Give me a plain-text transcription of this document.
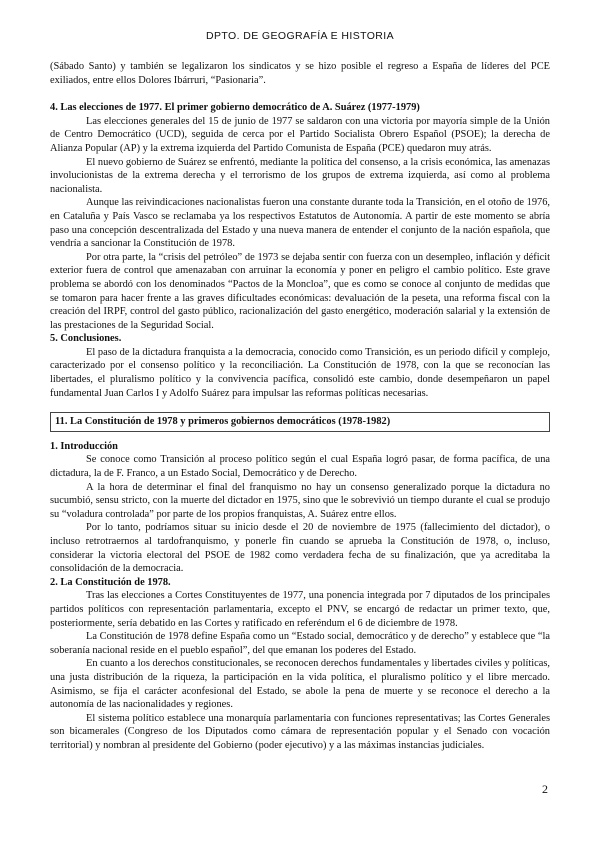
DPTO. DE GEOGRAFÍA E HISTORIA

(Sábado Santo) y también se legalizaron los sindicatos y se hizo posible el regreso a España de líderes del PCE exiliados, entre ellos Dolores Ibárruri, “Pasionaria”.

4. Las elecciones de 1977. El primer gobierno democrático de A. Suárez (1977-1979)

Las elecciones generales del 15 de junio de 1977 se saldaron con una victoria por mayoría simple de la Unión de Centro Democrático (UCD), seguida de cerca por el Partido Socialista Obrero Español (PSOE); la derecha de Alianza Popular (AP) y la extrema izquierda del Partido Comunista de España (PCE) quedaron muy atrás.

El nuevo gobierno de Suárez se enfrentó, mediante la política del consenso, a la crisis económica, las amenazas involucionistas de la extrema derecha y el terrorismo de los grupos de extrema izquierda, así como al problema nacionalista.

Aunque las reivindicaciones nacionalistas fueron una constante durante toda la Transición, en el otoño de 1976, en Cataluña y País Vasco se reclamaba ya los respectivos Estatutos de Autonomía. A partir de este momento se abría paso una concepción descentralizada del Estado y una nueva manera de entender el conjunto de la nación española, que vendría a sancionar la Constitución de 1978.

Por otra parte, la “crisis del petróleo” de 1973 se dejaba sentir con fuerza con un desempleo, inflación y déficit exterior fuera de control que amenazaban con arruinar la economía y poner en peligro el cambio político. Este grave problema se abordó con los denominados “Pactos de la Moncloa”, que es como se conoce al conjunto de medidas que se tomaron para hacer frente a las graves dificultades económicas: devaluación de la peseta, una reforma fiscal con la creación del IRPF, control del gasto público, racionalización del gasto energético, moderación salarial y la extensión de las prestaciones de la Seguridad Social.

5. Conclusiones.

El paso de la dictadura franquista a la democracia, conocido como Transición, es un periodo difícil y complejo, caracterizado por el consenso político y la reconciliación. La Constitución de 1978, con la que se reconocían las libertades, el pluralismo político y la convivencia pacífica, consolidó este cambio, donde desempeñaron un papel fundamental Juan Carlos I y Adolfo Suárez para impulsar las reformas políticas necesarias.

11. La Constitución de 1978 y primeros gobiernos democráticos (1978-1982)

1. Introducción

Se conoce como Transición al proceso político según el cual España logró pasar, de forma pacífica, de una dictadura, la de F. Franco, a un Estado Social, Democrático y de Derecho.

A la hora de determinar el final del franquismo no hay un consenso generalizado porque la dictadura no sucumbió, sensu stricto, con la muerte del dictador en 1975, sino que le sobrevivió un tiempo durante el cual se produjo su “voladura controlada” por parte de los propios franquistas, A. Suárez entre ellos.

Por lo tanto, podríamos situar su inicio desde el 20 de noviembre de 1975 (fallecimiento del dictador), o incluso retrotraernos al tardofranquismo, y ponerle fin cuando se aprueba la Constitución de 1978, o, incluso, considerar la victoria electoral del PSOE de 1982 como verdadera fecha de su finalización, que ya acreditaba la consolidación de la democracia.

2. La Constitución de 1978.

Tras las elecciones a Cortes Constituyentes de 1977, una ponencia integrada por 7 diputados de los principales partidos políticos con representación parlamentaria, excepto el PNV, se encargó de redactar un primer texto, que, posteriormente, sería debatido en las Cortes y ratificado en referéndum el 6 de diciembre de 1978.

La Constitución de 1978 define España como un “Estado social, democrático y de derecho” y establece que “la soberanía nacional reside en el pueblo español”, del que emanan los poderes del Estado.

En cuanto a los derechos constitucionales, se reconocen derechos fundamentales y libertades civiles y políticas, una justa distribución de la riqueza, la participación en la vida política, el pluralismo político y el libre mercado. Asimismo, se fija el carácter aconfesional del Estado, se abole la pena de muerte y se reconoce el derecho a la autonomía de las nacionalidades y regiones.

El sistema político establece una monarquía parlamentaria con funciones representativas; las Cortes Generales son bicamerales (Congreso de los Diputados como cámara de representación popular y el Senado con vocación territorial) y nombran al presidente del Gobierno (poder ejecutivo) y a las máximas instancias judiciales.

2
